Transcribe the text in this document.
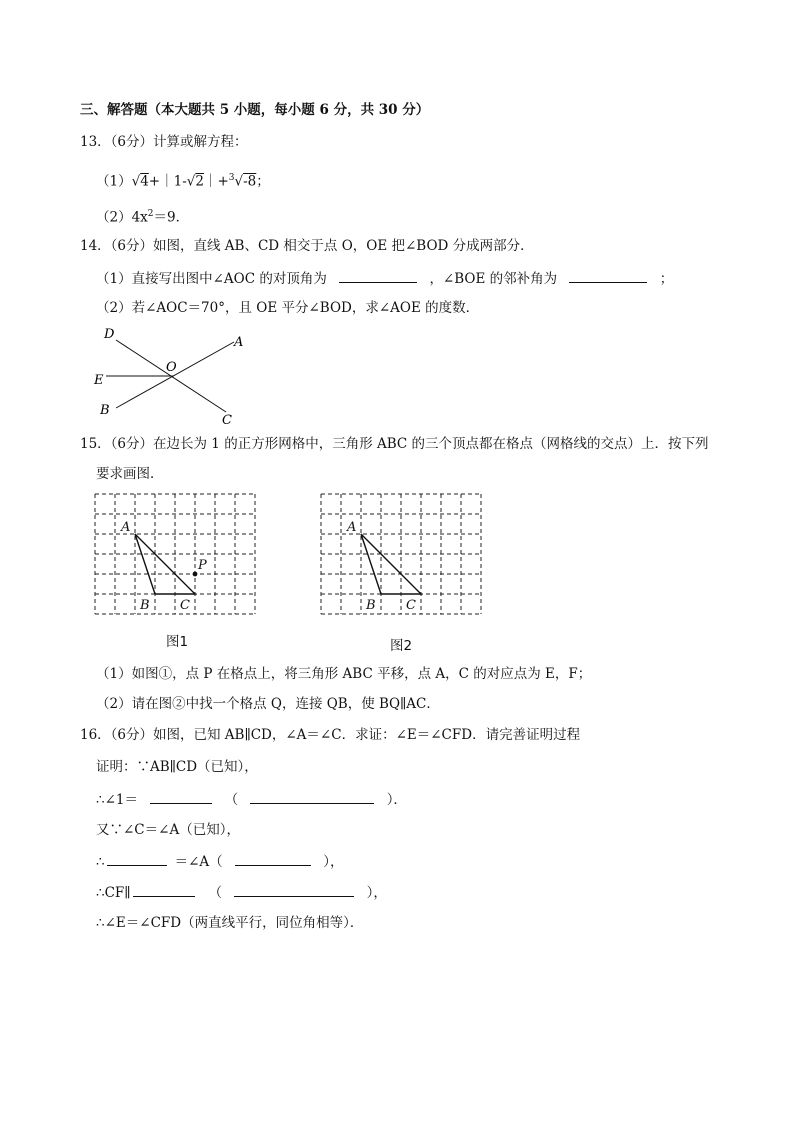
三、解答题（本大题共 5 小题，每小题 6 分，共 30 分）
13．（6分）计算或解方程：
（1）√4+｜1-√2｜+$^3$√-8；
$(2)4x^2=9$．
14．（6分）如图，直线 AB、CD 相交于点 O，OE 把∠BOD 分成两部分．
（1）直接写出图中∠AOC 的对顶角为	，∠BOE 的邻补角为	；
（2）若∠AOC＝70°，且 OE 平分∠BOD，求∠AOE 的度数．
D
A
O
E
B
C
15．（6分）在边长为 1 的正方形网格中，三角形 ABC 的三个顶点都在格点（网格线的交点）上．按下列
要求画图．
A
B C
P
图1
A
B C
图2
（1）如图①，点 P 在格点上，将三角形 ABC 平移，点 A，C 的对应点为 E，F；
（2）请在图②中找一个格点 Q，连接 QB，使 BQ∥AC．
16．（6分）如图，已知 AB∥CD，∠A＝∠C．求证：∠E＝∠CFD．请完善证明过程
证明：∵AB∥CD（已知），
∴∠1＝	（	）．
又∵∠C＝∠A（已知），
∴	＝∠A（	），
∴CF∥	（	），
∴∠E＝∠CFD（两直线平行，同位角相等）．
